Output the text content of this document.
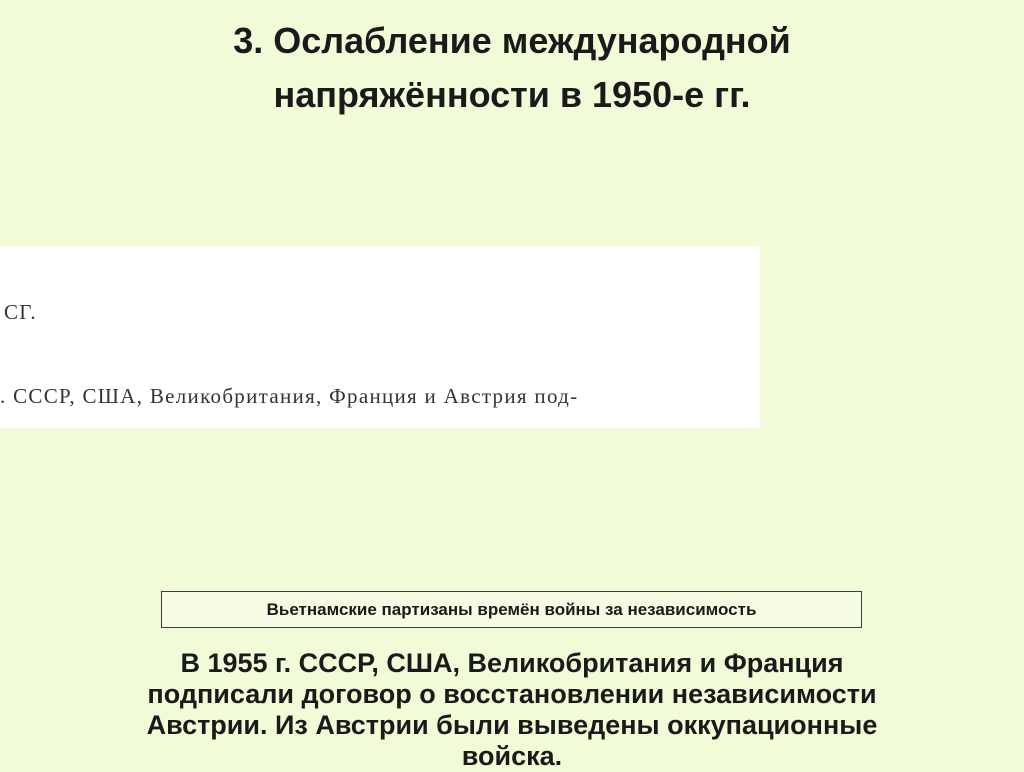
3. Ослабление международной
напряжённости в 1950-е гг.

СГ.

. СССР, США, Великобритания, Франция и Австрия под-

Вьетнамские партизаны времён войны за независимость
В 1955 г. СССР, США, Великобритания и Франция
подписали договор о восстановлении независимости
Австрии. Из Австрии были выведены оккупационные
войска.
